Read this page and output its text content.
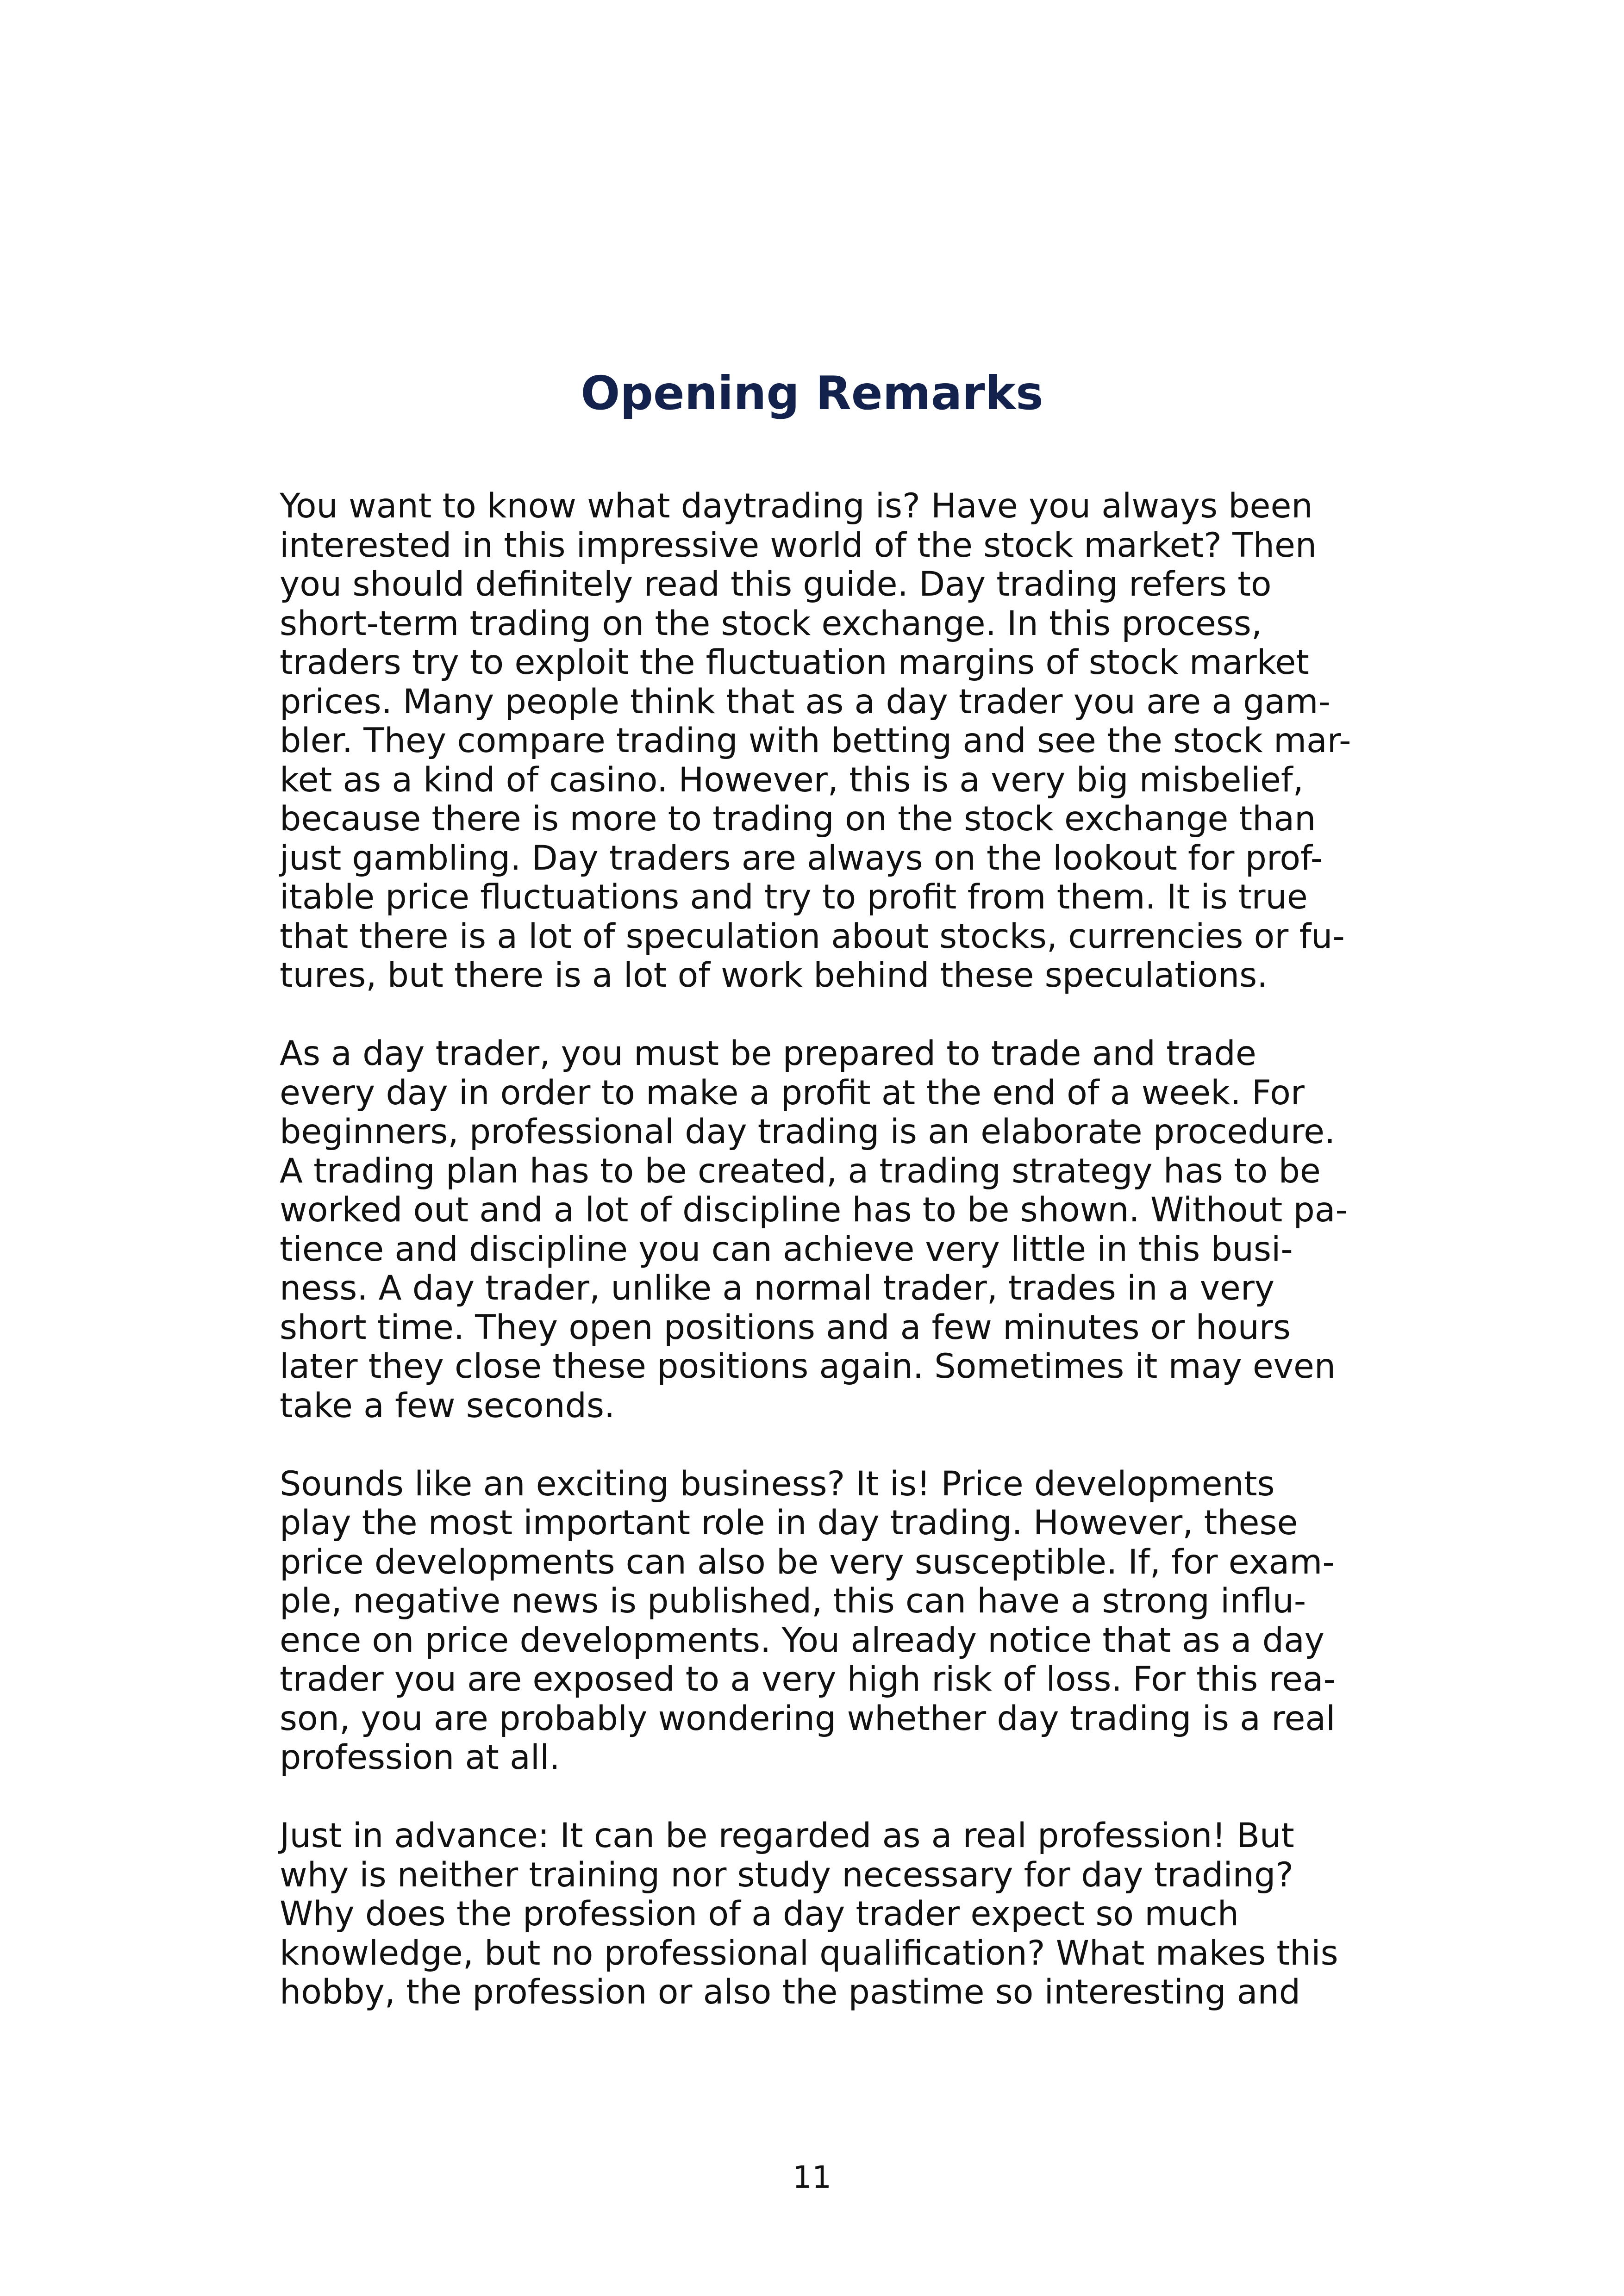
Opening Remarks
You want to know what daytrading is? Have you always been
interested in this impressive world of the stock market? Then
you should definitely read this guide. Day trading refers to
short-term trading on the stock exchange. In this process,
traders try to exploit the fluctuation margins of stock market
prices. Many people think that as a day trader you are a gam-
bler. They compare trading with betting and see the stock mar-
ket as a kind of casino. However, this is a very big misbelief,
because there is more to trading on the stock exchange than
just gambling. Day traders are always on the lookout for prof-
itable price fluctuations and try to profit from them. It is true
that there is a lot of speculation about stocks, currencies or fu-
tures, but there is a lot of work behind these speculations.
As a day trader, you must be prepared to trade and trade
every day in order to make a profit at the end of a week. For
beginners, professional day trading is an elaborate procedure.
A trading plan has to be created, a trading strategy has to be
worked out and a lot of discipline has to be shown. Without pa-
tience and discipline you can achieve very little in this busi-
ness. A day trader, unlike a normal trader, trades in a very
short time. They open positions and a few minutes or hours
later they close these positions again. Sometimes it may even
take a few seconds.
Sounds like an exciting business? It is! Price developments
play the most important role in day trading. However, these
price developments can also be very susceptible. If, for exam-
ple, negative news is published, this can have a strong influ-
ence on price developments. You already notice that as a day
trader you are exposed to a very high risk of loss. For this rea-
son, you are probably wondering whether day trading is a real
profession at all.
Just in advance: It can be regarded as a real profession! But
why is neither training nor study necessary for day trading?
Why does the profession of a day trader expect so much
knowledge, but no professional qualification? What makes this
hobby, the profession or also the pastime so interesting and
11
